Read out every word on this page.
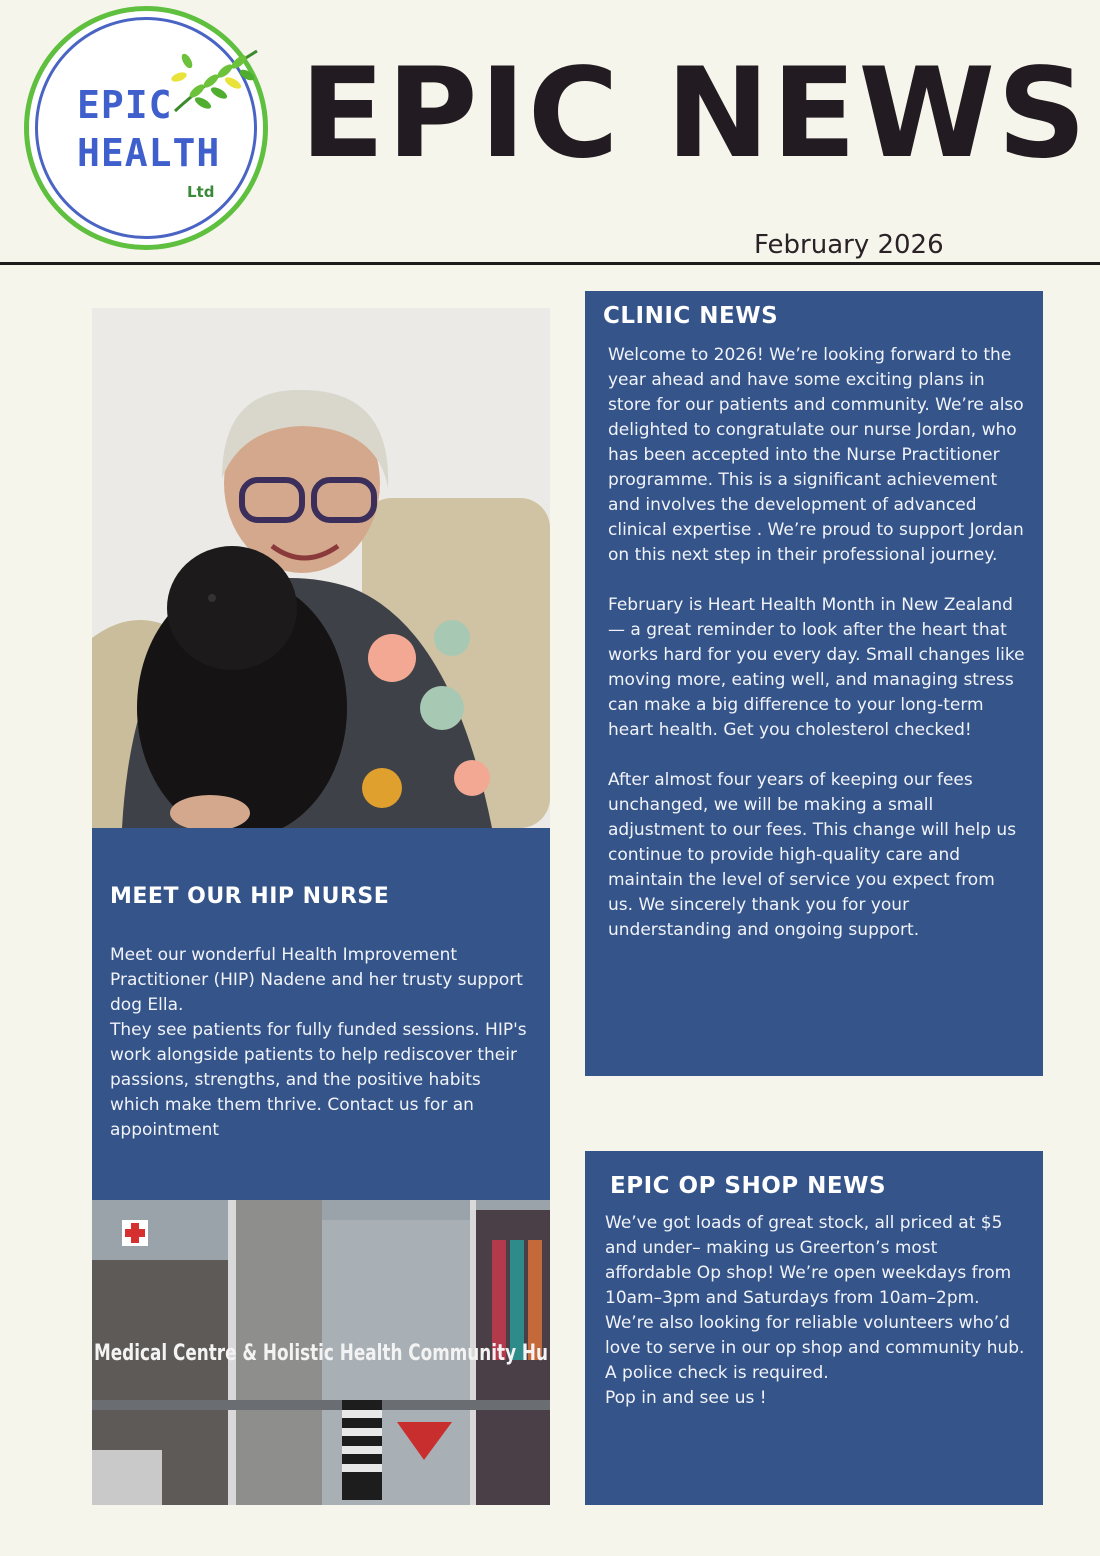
EPIC
HEALTH
Ltd
EPIC NEWS
February 2026
MEET OUR HIP NURSE

Meet our wonderful Health Improvement Practitioner (HIP) Nadene and her trusty support dog Ella.
They see patients for fully funded sessions. HIP's work alongside patients to help rediscover their passions, strengths, and the positive habits which make them thrive. Contact us for an appointment

Medical Centre & Holistic Health Community Hu
CLINIC NEWS

Welcome to 2026! We’re looking forward to the year ahead and have some exciting plans in store for our patients and community. We’re also delighted to congratulate our nurse Jordan, who has been accepted into the Nurse Practitioner programme. This is a significant achievement and involves the development of advanced clinical expertise . We’re proud to support Jordan on this next step in their professional journey.

February is Heart Health Month in New Zealand — a great reminder to look after the heart that works hard for you every day. Small changes like moving more, eating well, and managing stress can make a big difference to your long-term heart health. Get you cholesterol checked!

After almost four years of keeping our fees unchanged, we will be making a small adjustment to our fees. This change will help us continue to provide high-quality care and maintain the level of service you expect from us. We sincerely thank you for your understanding and ongoing support.

EPIC OP SHOP NEWS

We’ve got loads of great stock, all priced at $5 and under– making us Greerton’s most affordable Op shop! We’re open weekdays from 10am–3pm and Saturdays from 10am–2pm. We’re also looking for reliable volunteers who’d love to serve in our op shop and community hub. A police check is required.
Pop in and see us !
